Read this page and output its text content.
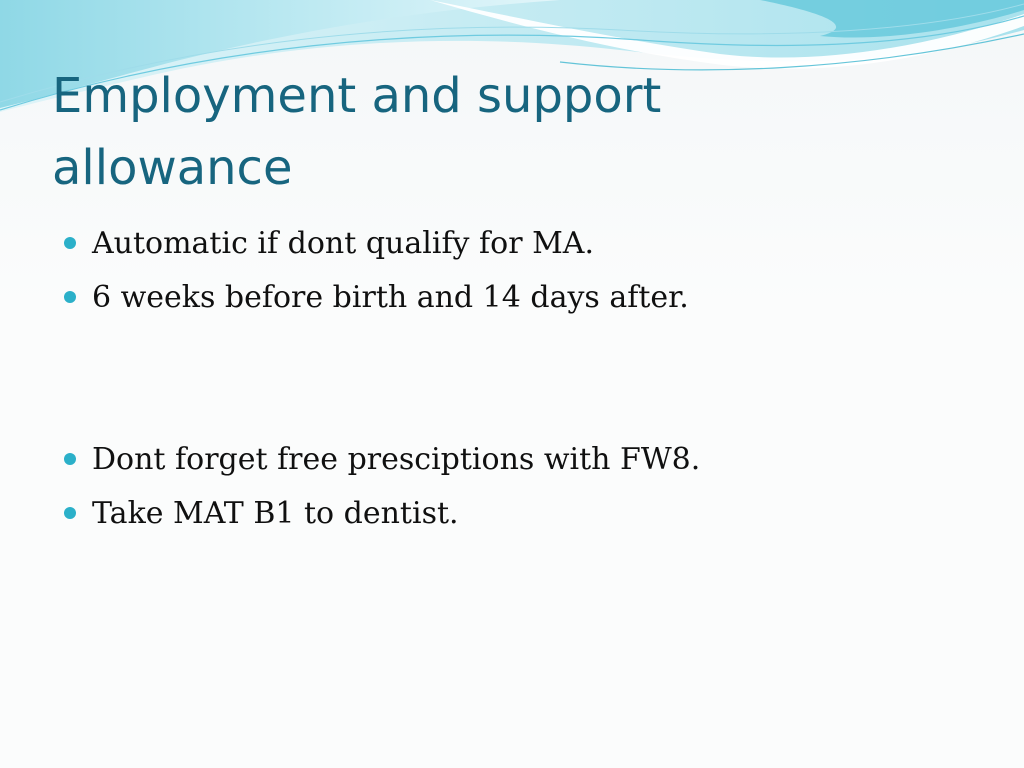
Employment and support
allowance
Automatic if dont qualify for MA.
6 weeks before birth and 14 days after.
Dont forget free presciptions with FW8.
Take MAT B1 to dentist.
